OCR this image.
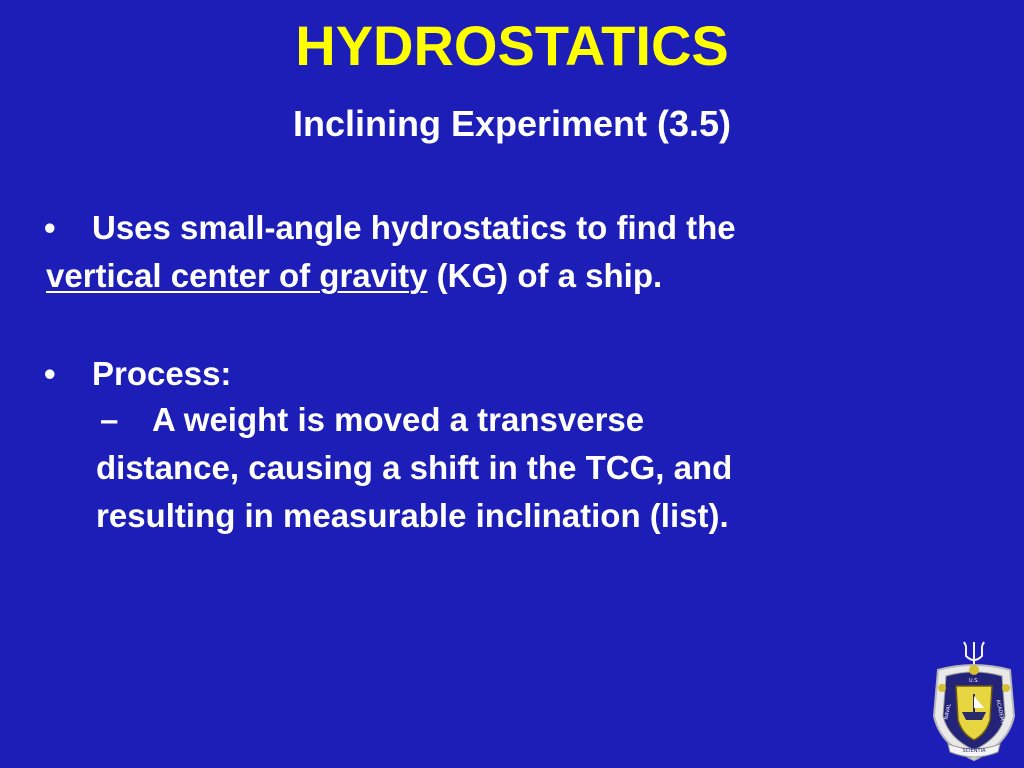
HYDROSTATICS
Inclining Experiment (3.5)
• Uses small-angle hydrostatics to find the
vertical center of gravity (KG) of a ship.
• Process:
– A weight is moved a transverse
distance, causing a shift in the TCG, and
resulting in measurable inclination (list).
U.S.
NAVAL	ACADEMY
SCIENTIA
